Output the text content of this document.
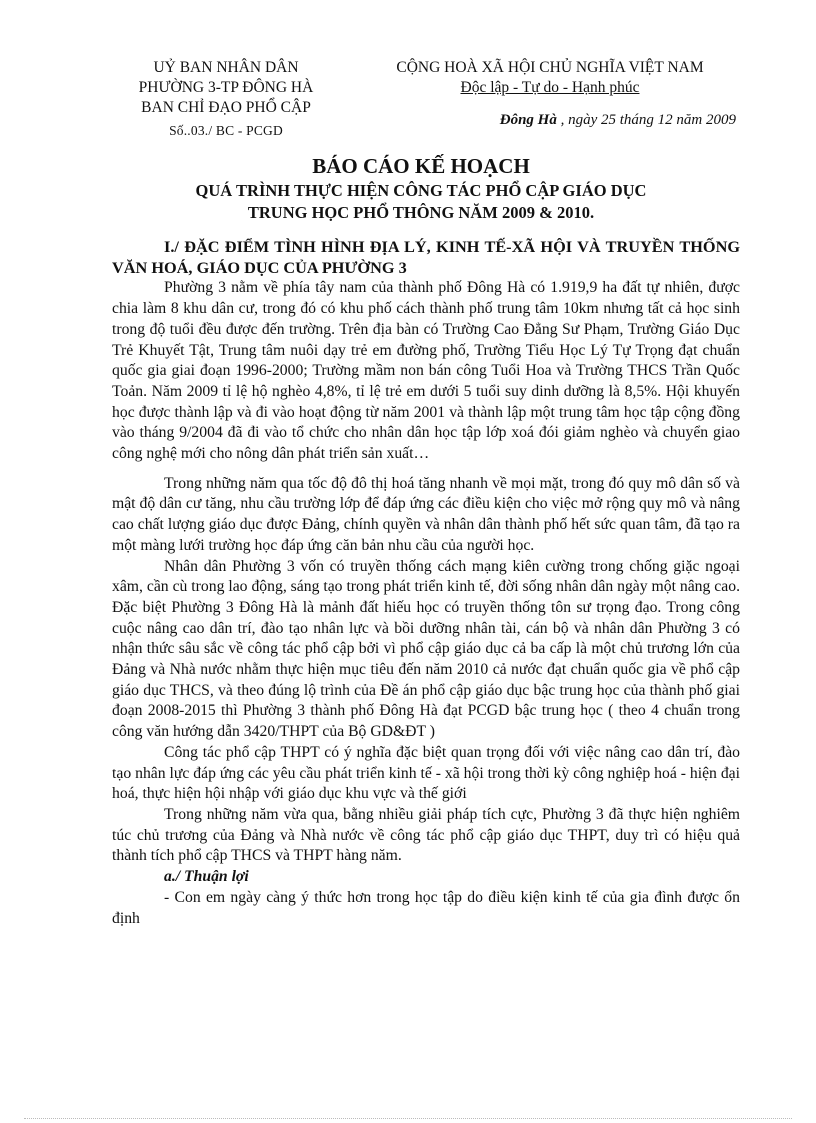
UỶ BAN NHÂN DÂN
PHƯỜNG 3-TP ĐÔNG HÀ
BAN CHỈ ĐẠO PHỔ CẬP
Số..03./ BC - PCGD
CỘNG HOÀ XÃ HỘI CHỦ NGHĨA VIỆT NAM
Độc lập - Tự do - Hạnh phúc
Đông Hà , ngày 25 tháng 12 năm 2009
BÁO CÁO KẾ HOẠCH
QUÁ TRÌNH THỰC HIỆN CÔNG TÁC PHỔ CẬP GIÁO DỤC
TRUNG HỌC PHỔ THÔNG NĂM 2009 & 2010.

I./ ĐẶC ĐIỂM TÌNH HÌNH ĐỊA LÝ, KINH TẾ-XÃ HỘI VÀ TRUYỀN THỐNG VĂN HOÁ, GIÁO DỤC CỦA PHƯỜNG 3

Phường 3 nằm về phía tây nam của thành phố Đông Hà có 1.919,9 ha đất tự nhiên, được chia làm 8 khu dân cư, trong đó có khu phố cách thành phố trung tâm 10km nhưng tất cả học sinh trong độ tuổi đều được đến trường. Trên địa bàn có Trường Cao Đẳng Sư Phạm, Trường Giáo Dục Trẻ Khuyết Tật, Trung tâm nuôi dạy trẻ em đường phố, Trường Tiểu Học Lý Tự Trọng đạt chuẩn quốc gia giai đoạn 1996-2000; Trường mầm non bán công Tuổi Hoa và Trường THCS Trần Quốc Toản. Năm 2009 tỉ lệ hộ nghèo 4,8%, tỉ lệ trẻ em dưới 5 tuổi suy dinh dưỡng là 8,5%. Hội khuyến học được thành lập và đi vào hoạt động từ năm 2001 và thành lập một trung tâm học tập cộng đồng vào tháng 9/2004 đã đi vào tổ chức cho nhân dân học tập lớp xoá đói giảm nghèo và chuyển giao công nghệ mới cho nông dân phát triển sản xuất…

Trong những năm qua tốc độ đô thị hoá tăng nhanh về mọi mặt, trong đó quy mô dân số và mật độ dân cư tăng, nhu cầu trường lớp để đáp ứng các điều kiện cho việc mở rộng quy mô và nâng cao chất lượng giáo dục được Đảng, chính quyền và nhân dân thành phố hết sức quan tâm, đã tạo ra một màng lưới trường học đáp ứng căn bản nhu cầu của người học.

Nhân dân Phường 3 vốn có truyền thống cách mạng kiên cường trong chống giặc ngoại xâm, cần cù trong lao động, sáng tạo trong phát triển kinh tế, đời sống nhân dân ngày một nâng cao. Đặc biệt Phường 3 Đông Hà là mảnh đất hiếu học có truyền thống tôn sư trọng đạo. Trong công cuộc nâng cao dân trí, đào tạo nhân lực và bồi dưỡng nhân tài, cán bộ và nhân dân Phường 3 có nhận thức sâu sắc về công tác phổ cập bởi vì phổ cập giáo dục cả ba cấp là một chủ trương lớn của Đảng và Nhà nước nhằm thực hiện mục tiêu đến năm 2010 cả nước đạt chuẩn quốc gia về phổ cập giáo dục THCS, và theo đúng lộ trình của Đề án phổ cập giáo dục bậc trung học của thành phố giai đoạn 2008-2015 thì Phường 3 thành phố Đông Hà đạt PCGD bậc trung học ( theo 4 chuẩn trong công văn hướng dẫn 3420/THPT của Bộ GD&ĐT )

Công tác phổ cập THPT có ý nghĩa đặc biệt quan trọng đối với việc nâng cao dân trí, đào tạo nhân lực đáp ứng các yêu cầu phát triển kinh tế - xã hội trong thời kỳ công nghiệp hoá - hiện đại hoá, thực hiện hội nhập với giáo dục khu vực và thế giới

Trong những năm vừa qua, bằng nhiều giải pháp tích cực, Phường 3 đã thực hiện nghiêm túc chủ trương của Đảng và Nhà nước về công tác phổ cập giáo dục THPT, duy trì có hiệu quả thành tích phổ cập THCS và THPT hàng năm.

a./ Thuận lợi

- Con em ngày càng ý thức hơn trong học tập do điều kiện kinh tế của gia đình được ổn định
